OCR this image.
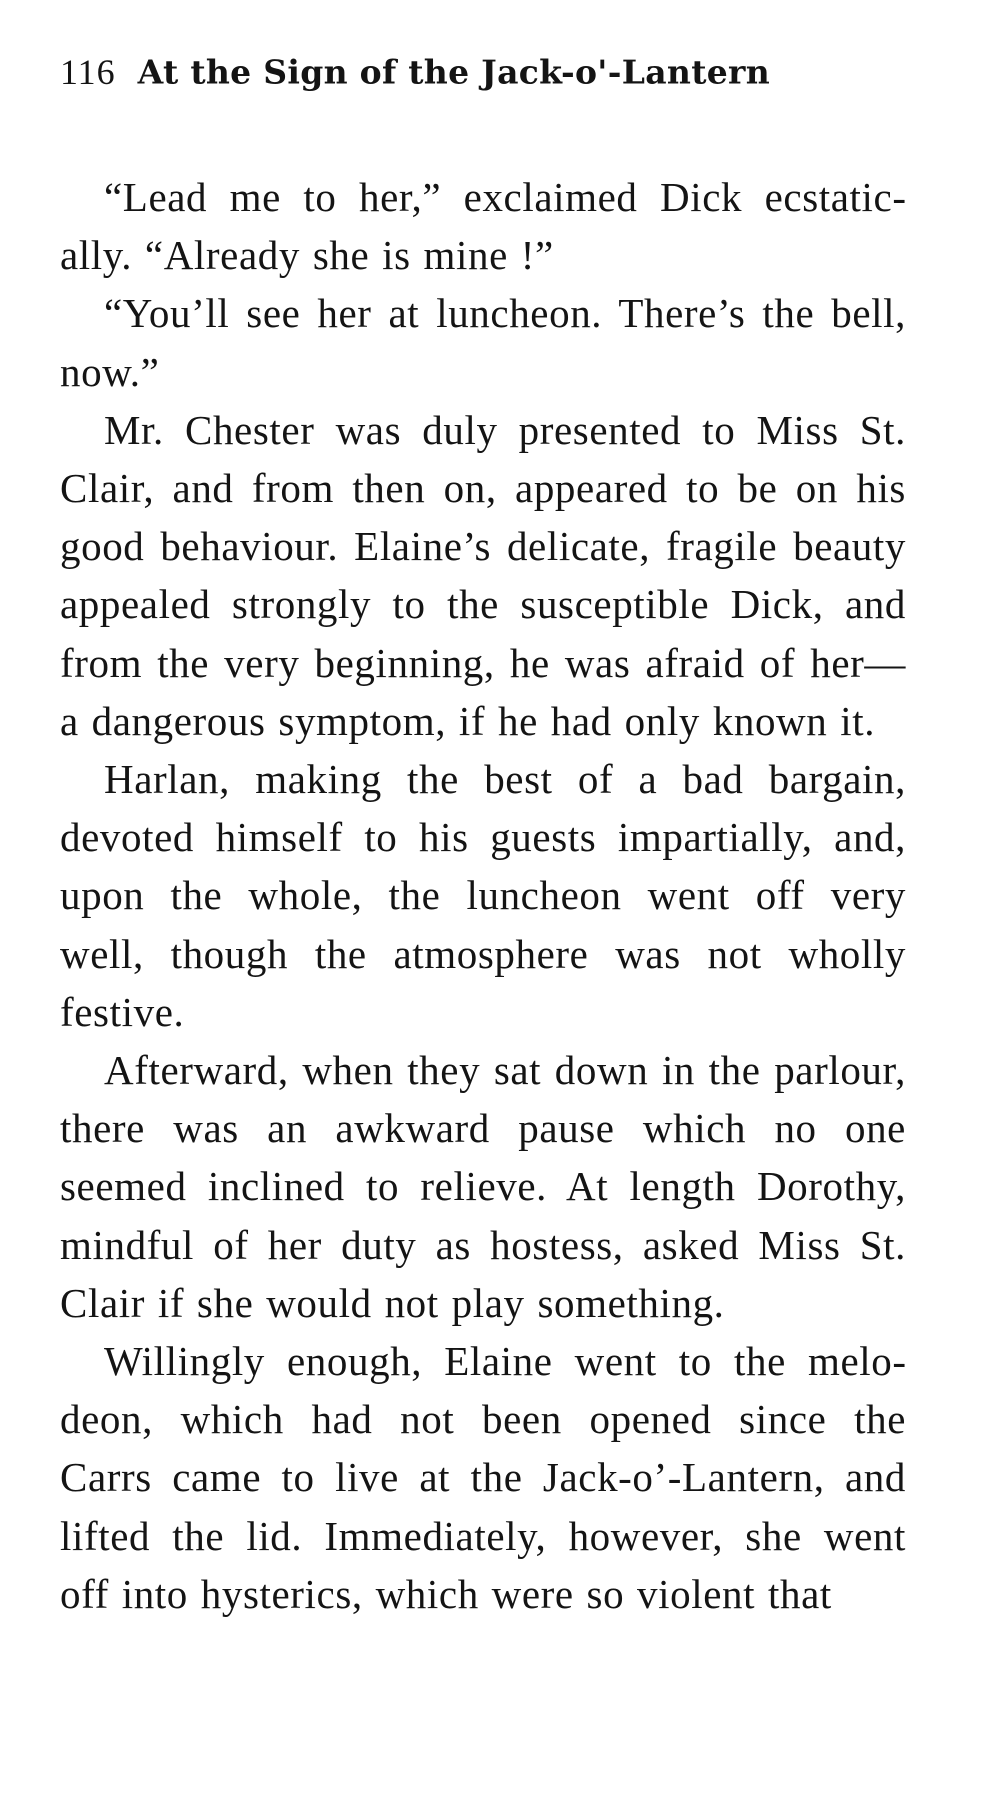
116 At the Sign of the Jack-o'-Lantern

“Lead me to her,” exclaimed Dick ecstatically. “Already she is mine !”

“You’ll see her at luncheon. There’s the bell, now.”

Mr. Chester was duly presented to Miss St. Clair, and from then on, appeared to be on his good behaviour. Elaine’s delicate, fragile beauty appealed strongly to the susceptible Dick, and from the very beginning, he was afraid of her—a dangerous symptom, if he had only known it.

Harlan, making the best of a bad bargain, devoted himself to his guests impartially, and, upon the whole, the luncheon went off very well, though the atmosphere was not wholly festive.

Afterward, when they sat down in the parlour, there was an awkward pause which no one seemed inclined to relieve. At length Dorothy, mindful of her duty as hostess, asked Miss St. Clair if she would not play something.

Willingly enough, Elaine went to the melodeon, which had not been opened since the Carrs came to live at the Jack-o’-Lantern, and lifted the lid. Immediately, however, she went off into hysterics, which were so violent that
